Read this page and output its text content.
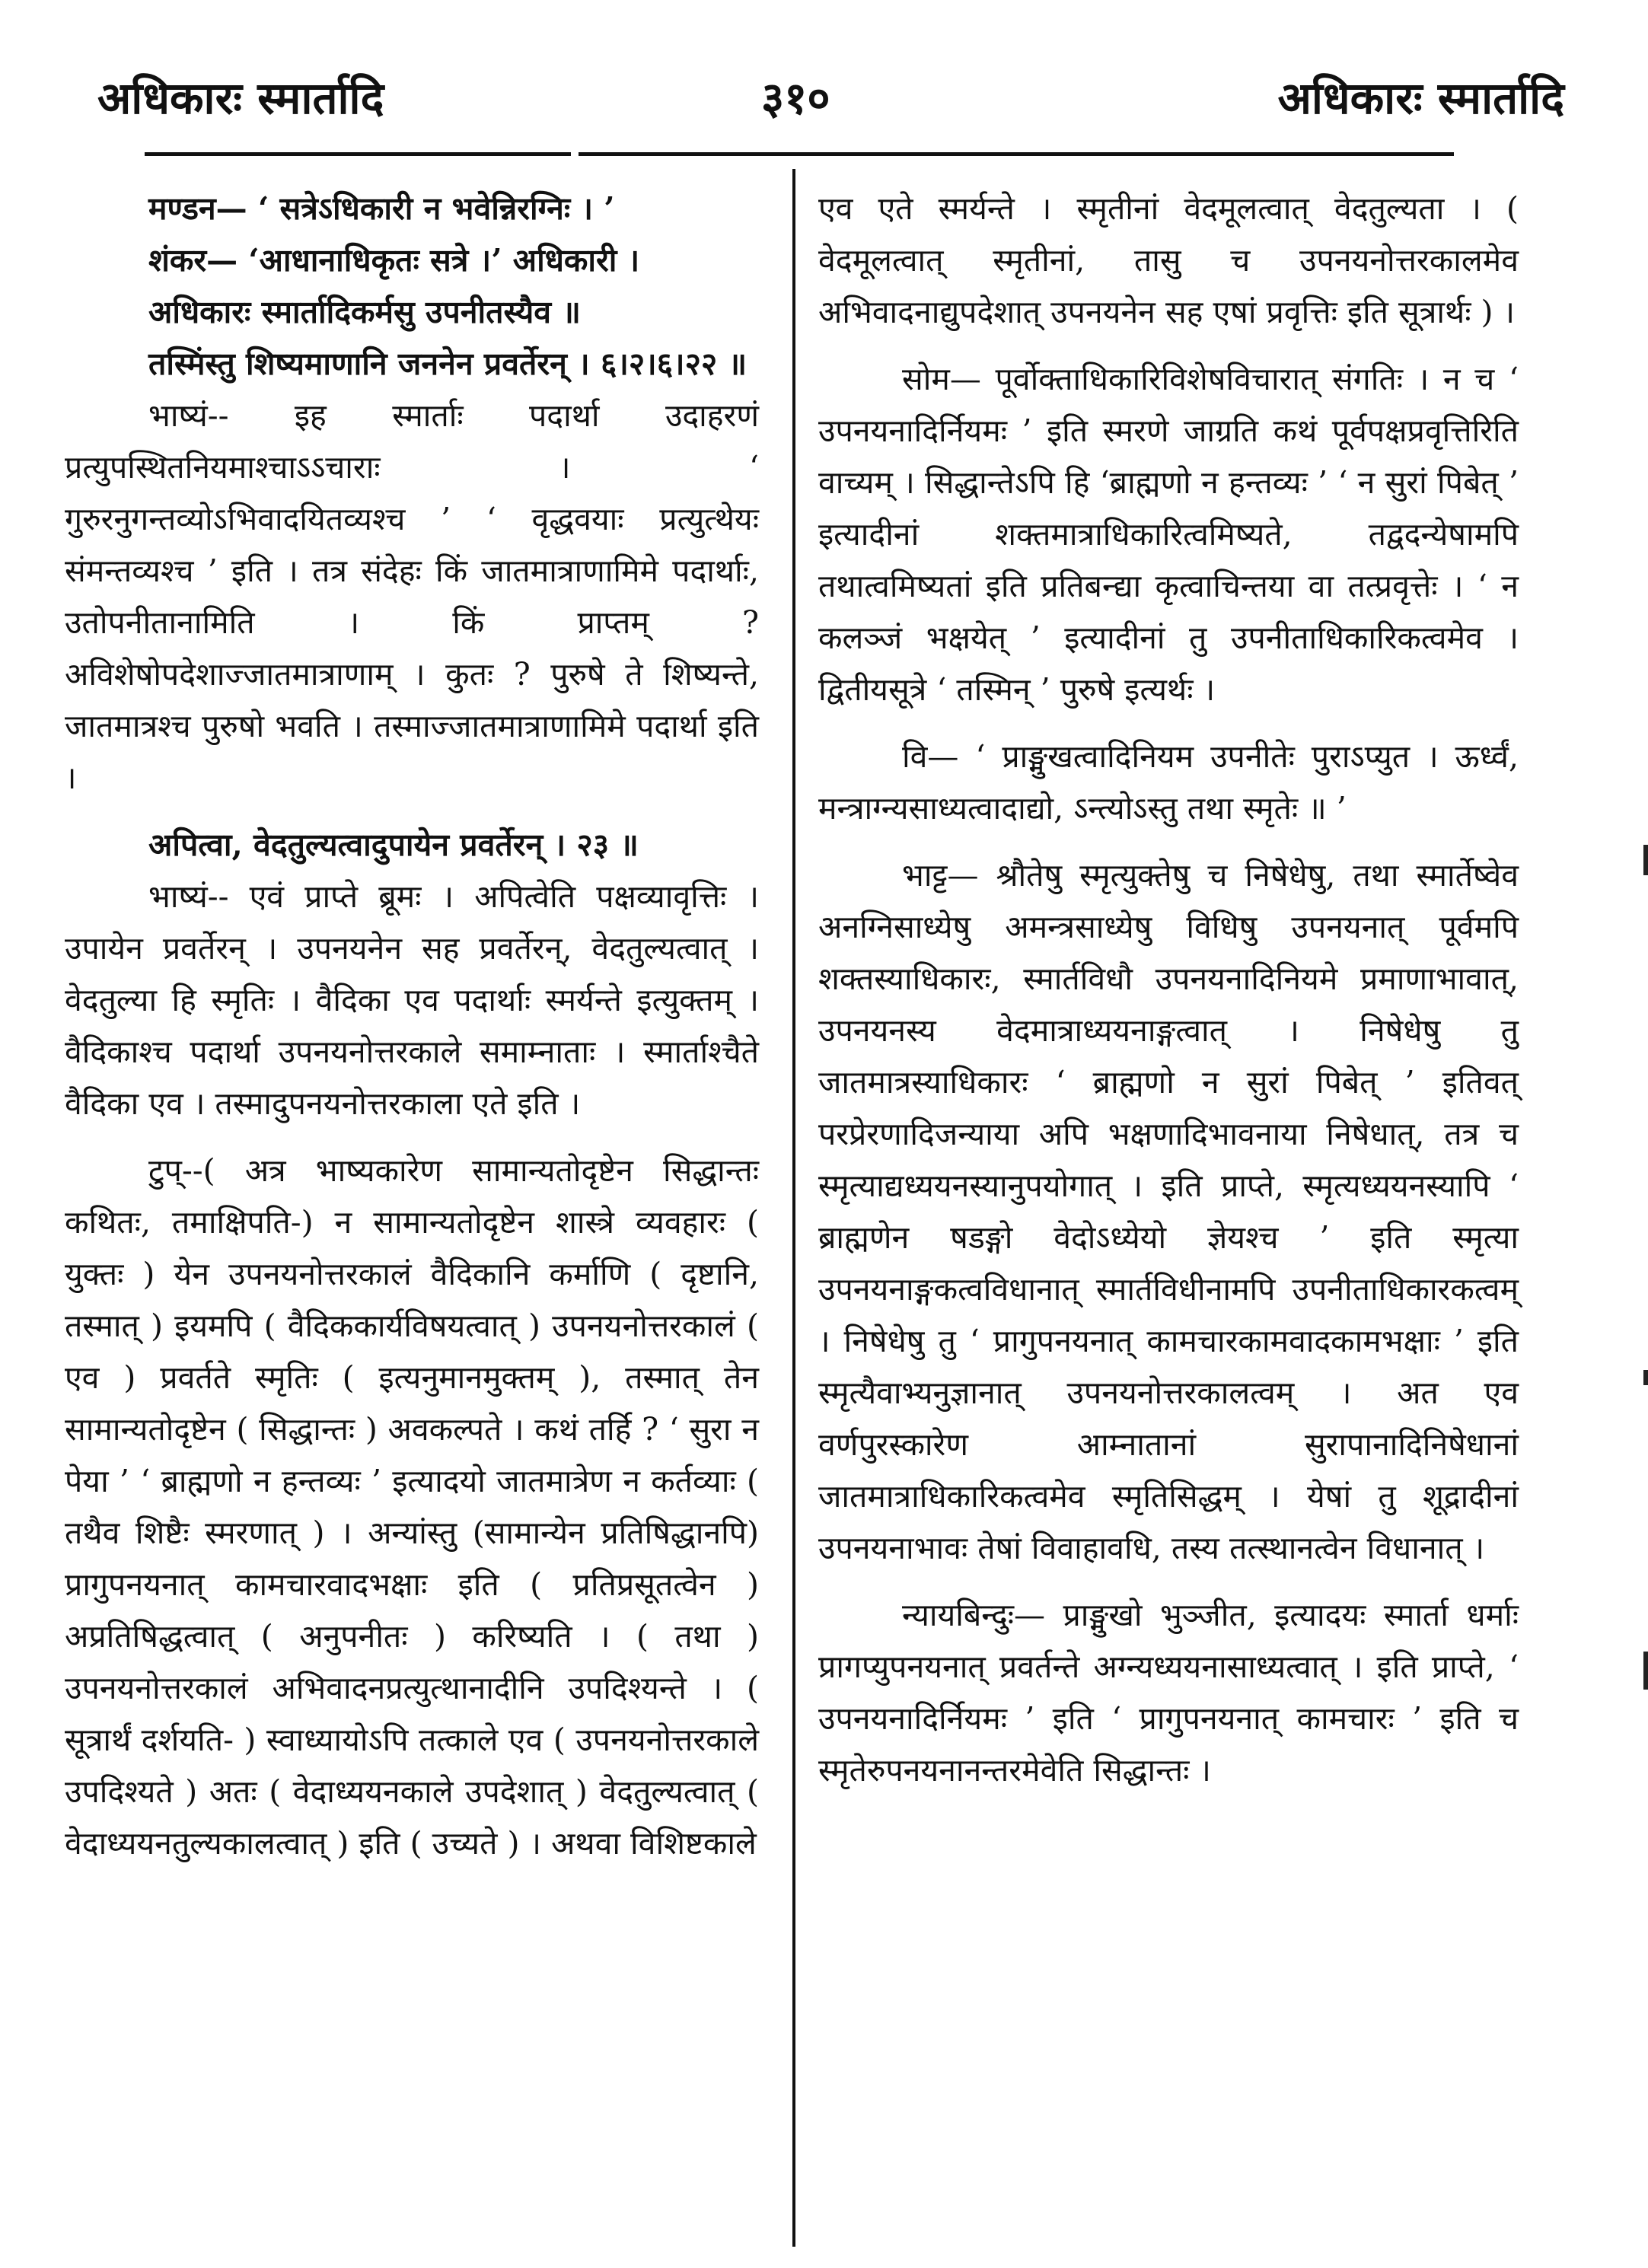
अधिकारः स्मार्तादि	३१०	अधिकारः स्मार्तादि

मण्डन— ‘ सत्रेऽधिकारी न भवेन्निरग्निः । ’

शंकर— ‘आधानाधिकृतः सत्रे ।’ अधिकारी ।

अधिकारः स्मार्तादिकर्मसु उपनीतस्यैव ॥

तस्मिंस्तु शिष्यमाणानि जननेन प्रवर्तेरन् । ६।२।६।२२ ॥

भाष्यं-- इह स्मार्ताः पदार्था उदाहरणं प्रत्युपस्थितनियमाश्चाऽऽचाराः । ‘ गुरुरनुगन्तव्योऽभिवादयितव्यश्च ’ ‘ वृद्धवयाः प्रत्युत्थेयः संमन्तव्यश्च ’ इति । तत्र संदेहः किं जातमात्राणामिमे पदार्थाः, उतोपनीतानामिति । किं प्राप्तम् ? अविशेषोपदेशाज्जातमात्राणाम् । कुतः ? पुरुषे ते शिष्यन्ते, जातमात्रश्च पुरुषो भवति । तस्माज्जातमात्राणामिमे पदार्था इति ।

अपित्वा, वेदतुल्यत्वादुपायेन प्रवर्तेरन् । २३ ॥

भाष्यं-- एवं प्राप्ते ब्रूमः । अपित्वेति पक्षव्यावृत्तिः । उपायेन प्रवर्तेरन् । उपनयनेन सह प्रवर्तेरन्, वेदतुल्यत्वात् । वेदतुल्या हि स्मृतिः । वैदिका एव पदार्थाः स्मर्यन्ते इत्युक्तम् । वैदिकाश्च पदार्था उपनयनोत्तरकाले समाम्नाताः । स्मार्ताश्चैते वैदिका एव । तस्मादुपनयनोत्तरकाला एते इति ।

टुप्--( अत्र भाष्यकारेण सामान्यतोदृष्टेन सिद्धान्तः कथितः, तमाक्षिपति-) न सामान्यतोदृष्टेन शास्त्रे व्यवहारः ( युक्तः ) येन उपनयनोत्तरकालं वैदिकानि कर्माणि ( दृष्टानि, तस्मात् ) इयमपि ( वैदिककार्यविषयत्वात् ) उपनयनोत्तरकालं ( एव ) प्रवर्तते स्मृतिः ( इत्यनुमानमुक्तम् ), तस्मात् तेन सामान्यतोदृष्टेन ( सिद्धान्तः ) अवकल्पते । कथं तर्हि ? ‘ सुरा न पेया ’ ‘ ब्राह्मणो न हन्तव्यः ’ इत्यादयो जातमात्रेण न कर्तव्याः ( तथैव शिष्टैः स्मरणात् ) । अन्यांस्तु (सामान्येन प्रतिषिद्धानपि) प्रागुपनयनात् कामचारवादभक्षाः इति ( प्रतिप्रसूतत्वेन ) अप्रतिषिद्धत्वात् ( अनुपनीतः ) करिष्यति । ( तथा ) उपनयनोत्तरकालं अभिवादनप्रत्युत्थानादीनि उपदिश्यन्ते । ( सूत्रार्थं दर्शयति- ) स्वाध्यायोऽपि तत्काले एव ( उपनयनोत्तरकाले उपदिश्यते ) अतः ( वेदाध्ययनकाले उपदेशात् ) वेदतुल्यत्वात् ( वेदाध्ययनतुल्यकालत्वात् ) इति ( उच्यते ) । अथवा विशिष्टकाले

एव एते स्मर्यन्ते । स्मृतीनां वेदमूलत्वात् वेदतुल्यता । ( वेदमूलत्वात् स्मृतीनां, तासु च उपनयनोत्तरकालमेव अभिवादनाद्युपदेशात् उपनयनेन सह एषां प्रवृत्तिः इति सूत्रार्थः ) ।

सोम— पूर्वोक्ताधिकारिविशेषविचारात् संगतिः । न च ‘ उपनयनादिर्नियमः ’ इति स्मरणे जाग्रति कथं पूर्वपक्षप्रवृत्तिरिति वाच्यम् । सिद्धान्तेऽपि हि ‘ब्राह्मणो न हन्तव्यः ’ ‘ न सुरां पिबेत् ’ इत्यादीनां शक्तमात्राधिकारित्वमिष्यते, तद्वदन्येषामपि तथात्वमिष्यतां इति प्रतिबन्द्या कृत्वाचिन्तया वा तत्प्रवृत्तेः । ‘ न कलञ्जं भक्षयेत् ’ इत्यादीनां तु उपनीताधिकारिकत्वमेव । द्वितीयसूत्रे ‘ तस्मिन् ’ पुरुषे इत्यर्थः ।

वि— ‘ प्राङ्मुखत्वादिनियम उपनीतेः पुराऽप्युत । ऊर्ध्वं, मन्त्राग्न्यसाध्यत्वादाद्यो, ऽन्त्योऽस्तु तथा स्मृतेः ॥ ’

भाट्ट— श्रौतेषु स्मृत्युक्तेषु च निषेधेषु, तथा स्मार्तेष्वेव अनग्निसाध्येषु अमन्त्रसाध्येषु विधिषु उपनयनात् पूर्वमपि शक्तस्याधिकारः, स्मार्तविधौ उपनयनादिनियमे प्रमाणाभावात्, उपनयनस्य वेदमात्राध्ययनाङ्गत्वात् । निषेधेषु तु जातमात्रस्याधिकारः ‘ ब्राह्मणो न सुरां पिबेत् ’ इतिवत् परप्रेरणादिजन्याया अपि भक्षणादिभावनाया निषेधात्, तत्र च स्मृत्याद्यध्ययनस्यानुपयोगात् । इति प्राप्ते, स्मृत्यध्ययनस्यापि ‘ ब्राह्मणेन षडङ्गो वेदोऽध्येयो ज्ञेयश्च ’ इति स्मृत्या उपनयनाङ्गकत्वविधानात् स्मार्तविधीनामपि उपनीताधिकारकत्वम् । निषेधेषु तु ‘ प्रागुपनयनात् कामचारकामवादकामभक्षाः ’ इति स्मृत्यैवाभ्यनुज्ञानात् उपनयनोत्तरकालत्वम् । अत एव वर्णपुरस्कारेण आम्नातानां सुरापानादिनिषेधानां जातमात्राधिकारिकत्वमेव स्मृतिसिद्धम् । येषां तु शूद्रादीनां उपनयनाभावः तेषां विवाहावधि, तस्य तत्स्थानत्वेन विधानात् ।

न्यायबिन्दुः— प्राङ्मुखो भुञ्जीत, इत्यादयः स्मार्ता धर्माः प्रागप्युपनयनात् प्रवर्तन्ते अग्न्यध्ययनासाध्यत्वात् । इति प्राप्ते, ‘ उपनयनादिर्नियमः ’ इति ‘ प्रागुपनयनात् कामचारः ’ इति च स्मृतेरुपनयनानन्तरमेवेति सिद्धान्तः ।
